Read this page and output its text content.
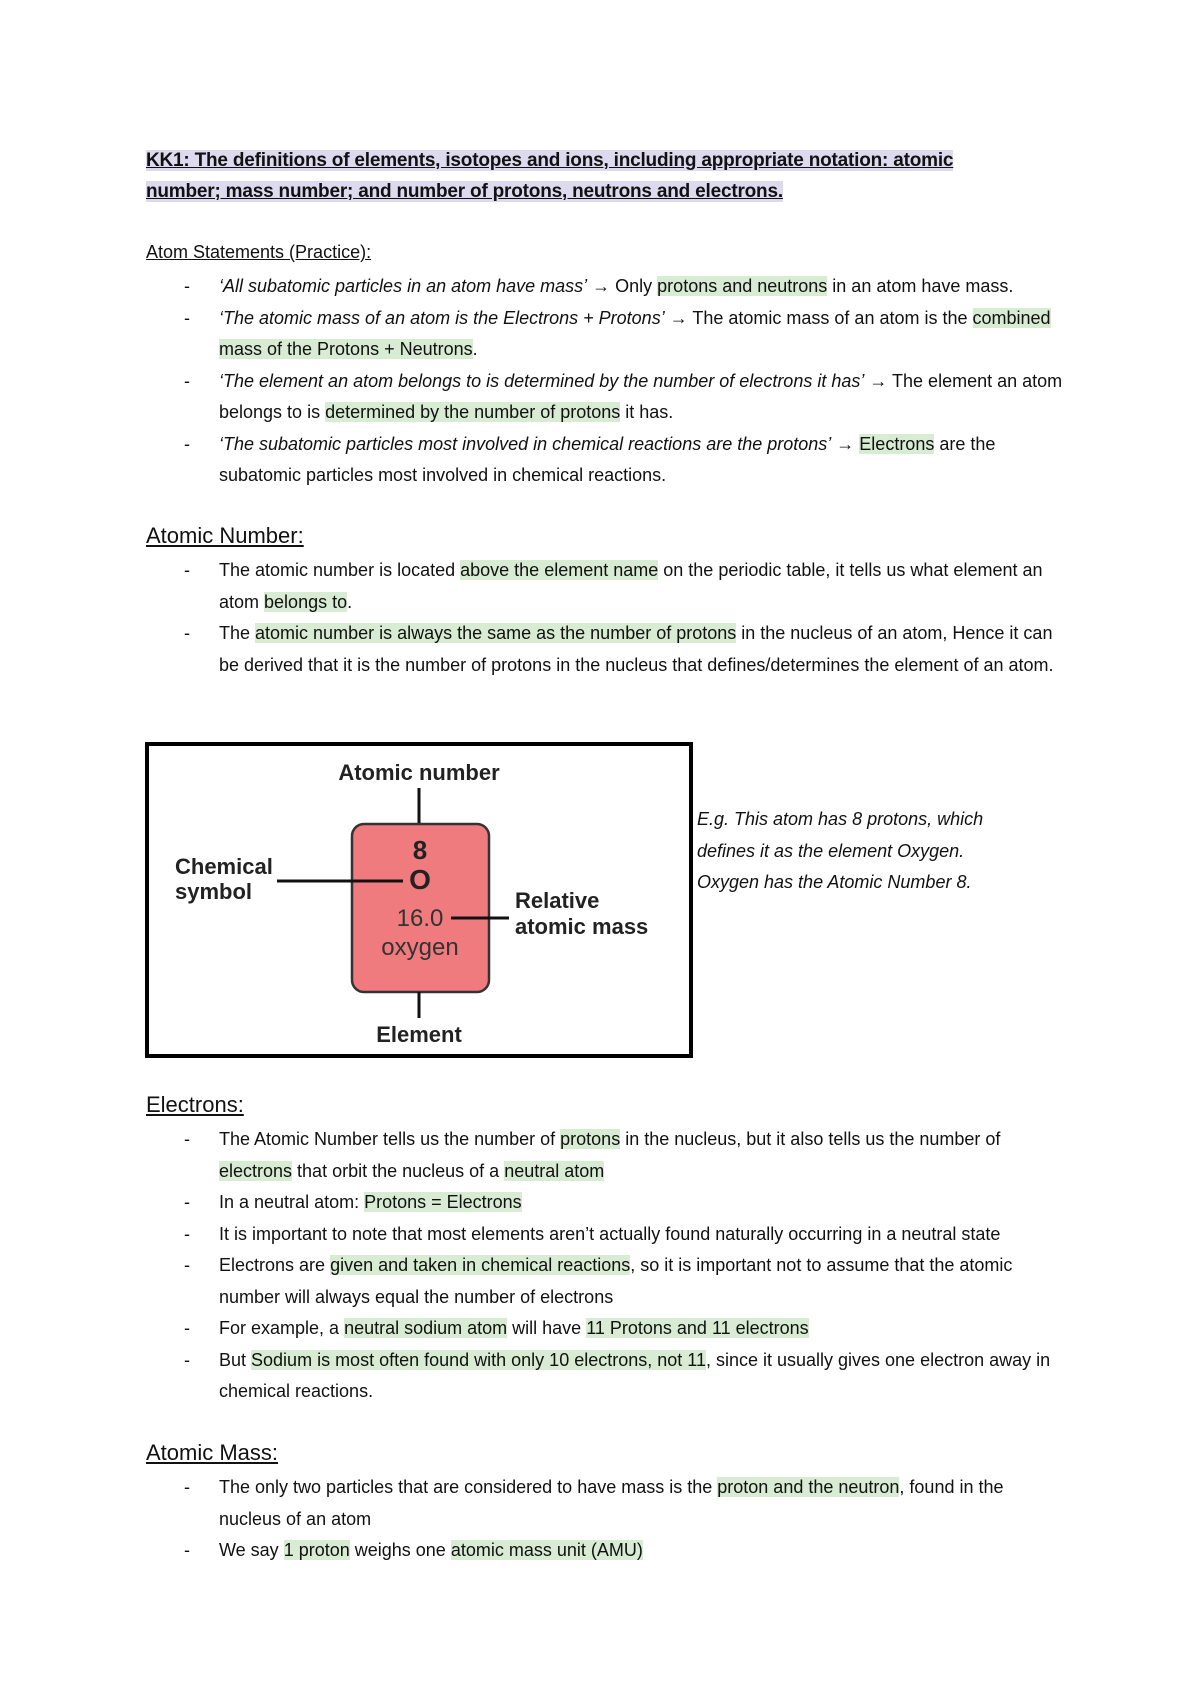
KK1: The definitions of elements, isotopes and ions, including appropriate notation: atomic
number; mass number; and number of protons, neutrons and electrons.
Atom Statements (Practice):
- ‘All subatomic particles in an atom have mass’ → Only protons and neutrons in an atom have mass.
- ‘The atomic mass of an atom is the Electrons + Protons’ → The atomic mass of an atom is the combined mass of the Protons + Neutrons.
- ‘The element an atom belongs to is determined by the number of electrons it has’ → The element an atom belongs to is determined by the number of protons it has.
- ‘The subatomic particles most involved in chemical reactions are the protons’ → Electrons are the subatomic particles most involved in chemical reactions.
Atomic Number:
- The atomic number is located above the element name on the periodic table, it tells us what element an atom belongs to.
- The atomic number is always the same as the number of protons in the nucleus of an atom, Hence it can be derived that it is the number of protons in the nucleus that defines/determines the element of an atom.
Atomic number
8
O
16.0
oxygen
Chemical
symbol	Relative
atomic mass
Element
E.g. This atom has 8 protons, which
defines it as the element Oxygen.
Oxygen has the Atomic Number 8.
Electrons:
- The Atomic Number tells us the number of protons in the nucleus, but it also tells us the number of electrons that orbit the nucleus of a neutral atom
- In a neutral atom: Protons = Electrons
- It is important to note that most elements aren’t actually found naturally occurring in a neutral state
- Electrons are given and taken in chemical reactions, so it is important not to assume that the atomic number will always equal the number of electrons
- For example, a neutral sodium atom will have 11 Protons and 11 electrons
- But Sodium is most often found with only 10 electrons, not 11, since it usually gives one electron away in chemical reactions.
Atomic Mass:
- The only two particles that are considered to have mass is the proton and the neutron, found in the nucleus of an atom
- We say 1 proton weighs one atomic mass unit (AMU)
